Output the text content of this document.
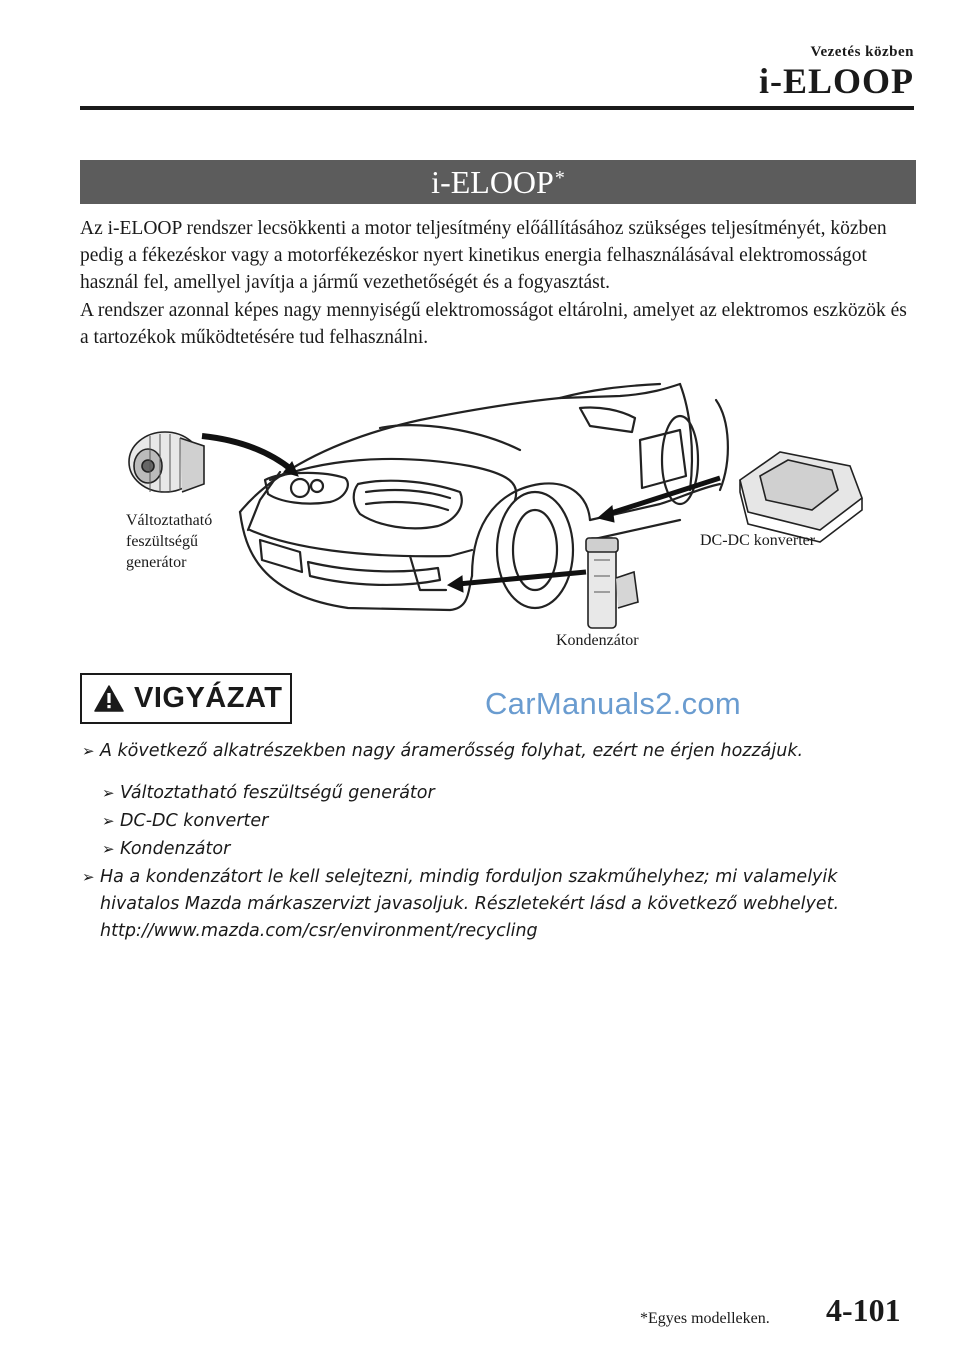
Vezetés közben
i-ELOOP
i-ELOOP*

Az i-ELOOP rendszer lecsökkenti a motor teljesítmény előállításához szükséges teljesítményét, közben pedig a fékezéskor vagy a motorfékezéskor nyert kinetikus energia felhasználásával elektromosságot használ fel, amellyel javítja a jármű vezethetőségét és a fogyasztást.

A rendszer azonnal képes nagy mennyiségű elektromosságot eltárolni, amelyet az elektromos eszközök és a tartozékok működtetésére tud felhasználni.

Változtatható
feszültségű
generátor
DC-DC konverter
Kondenzátor
VIGYÁZAT	CarManuals2.com
➢ A következő alkatrészekben nagy áramerősség folyhat, ezért ne érjen hozzájuk.
➢ Változtatható feszültségű generátor
➢ DC-DC konverter
➢ Kondenzátor
➢ Ha a kondenzátort le kell selejtezni, mindig forduljon szakműhelyhez; mi valamelyik hivatalos Mazda márkaszervizt javasoljuk. Részletekért lásd a következő webhelyet.
http://www.mazda.com/csr/environment/recycling
*Egyes modelleken. 4-101
